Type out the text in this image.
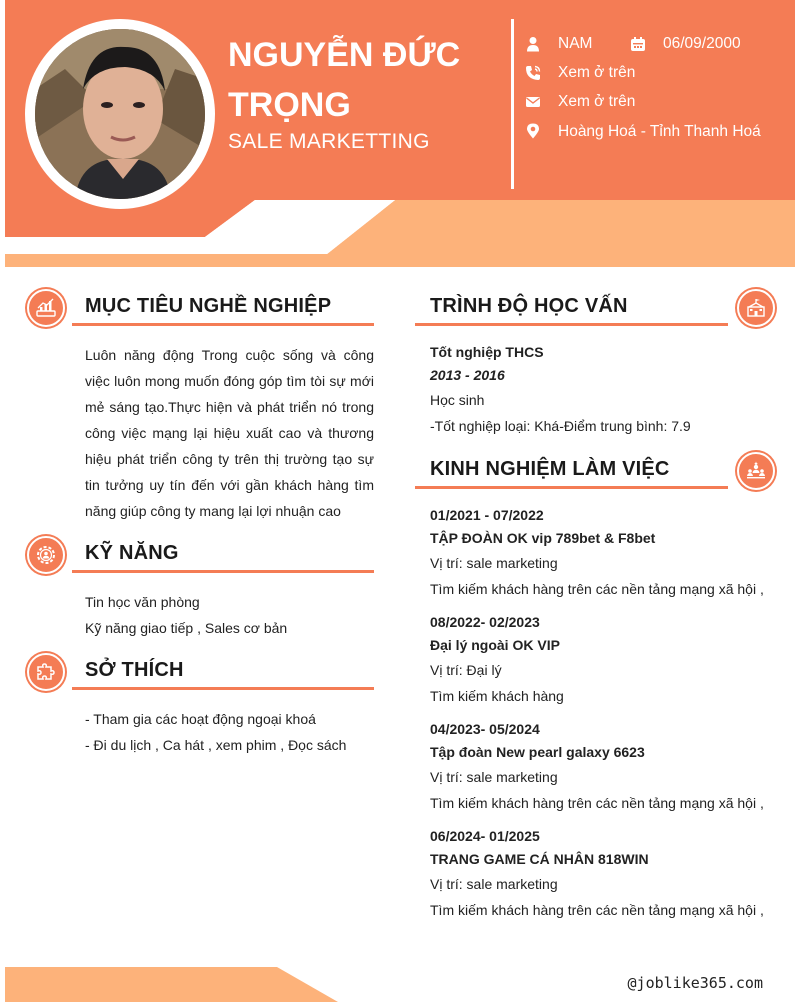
NGUYỄN ĐỨC TRỌNG
SALE MARKETTING
NAM	06/09/2000
Xem ở trên
Xem ở trên
Hoàng Hoá - Tỉnh Thanh Hoá
MỤC TIÊU NGHỀ NGHIỆP
Luôn năng động Trong cuộc sống và công việc luôn mong muốn đóng góp tìm tòi sự mới mẻ sáng tạo.Thực hiện và phát triển nó trong công việc mạng lại hiệu xuất cao và thương hiệu phát triển công ty trên thị trường tạo sự tin tưởng uy tín đến với gần khách hàng tìm năng giúp công ty mang lại lợi nhuận cao
KỸ NĂNG
Tin học văn phòng
Kỹ năng giao tiếp , Sales cơ bản
SỞ THÍCH
- Tham gia các hoạt động ngoại khoá
- Đi du lịch , Ca hát , xem phim , Đọc sách
TRÌNH ĐỘ HỌC VẤN
Tốt nghiệp THCS
2013 - 2016
Học sinh
-Tốt nghiệp loại: Khá-Điểm trung bình: 7.9
KINH NGHIỆM LÀM VIỆC
01/2021 - 07/2022
TẬP ĐOÀN OK vip 789bet & F8bet
Vị trí: sale marketing
Tìm kiếm khách hàng trên các nền tảng mạng xã hội ,
08/2022- 02/2023
Đại lý ngoài OK VIP
Vị trí: Đại lý
Tìm kiếm khách hàng
04/2023- 05/2024
Tập đoàn New pearl galaxy 6623
Vị trí: sale marketing
Tìm kiếm khách hàng trên các nền tảng mạng xã hội ,
06/2024- 01/2025
TRANG GAME CÁ NHÂN 818WIN
Vị trí: sale marketing
Tìm kiếm khách hàng trên các nền tảng mạng xã hội ,
@joblike365.com
